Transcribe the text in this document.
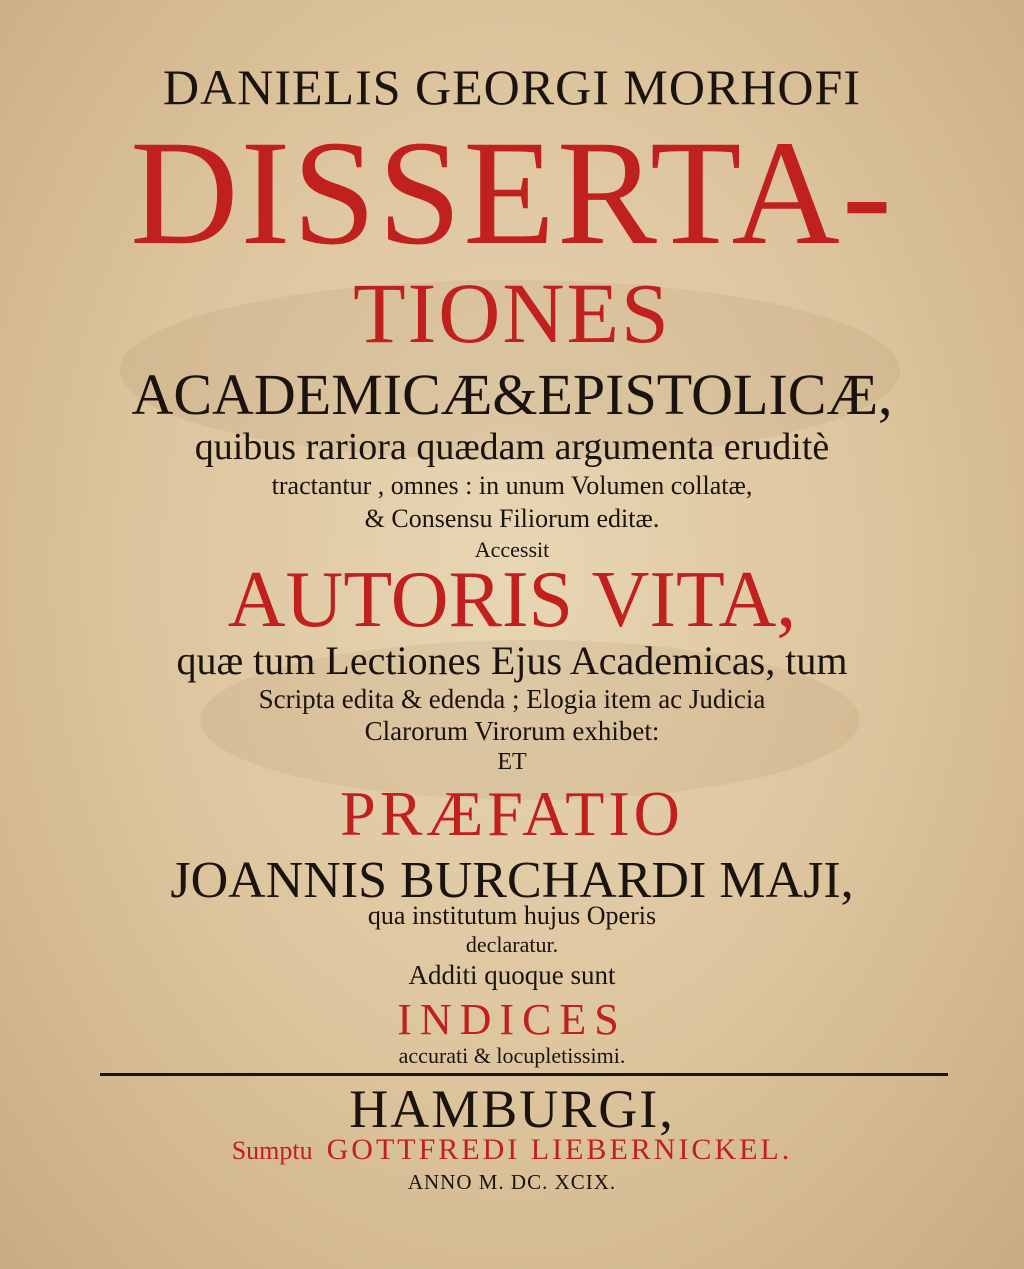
DANIELIS GEORGI MORHOFI
DISSERTA-
TIONES
ACADEMICÆ&EPISTOLICÆ,
quibus rariora quædam argumenta eruditè
tractantur , omnes : in unum Volumen collatæ,
& Consensu Filiorum editæ.
Accessit
AUTORIS VITA,
quæ tum Lectiones Ejus Academicas, tum
Scripta edita & edenda ; Elogia item ac Judicia
Clarorum Virorum exhibet:
ET
PRÆFATIO
JOANNIS BURCHARDI MAJI,
qua institutum hujus Operis
declaratur.
Additi quoque sunt
INDICES
accurati & locupletissimi.
HAMBURGI,
Sumptu GOTTFREDI LIEBERNICKEL.
ANNO M. DC. XCIX.
